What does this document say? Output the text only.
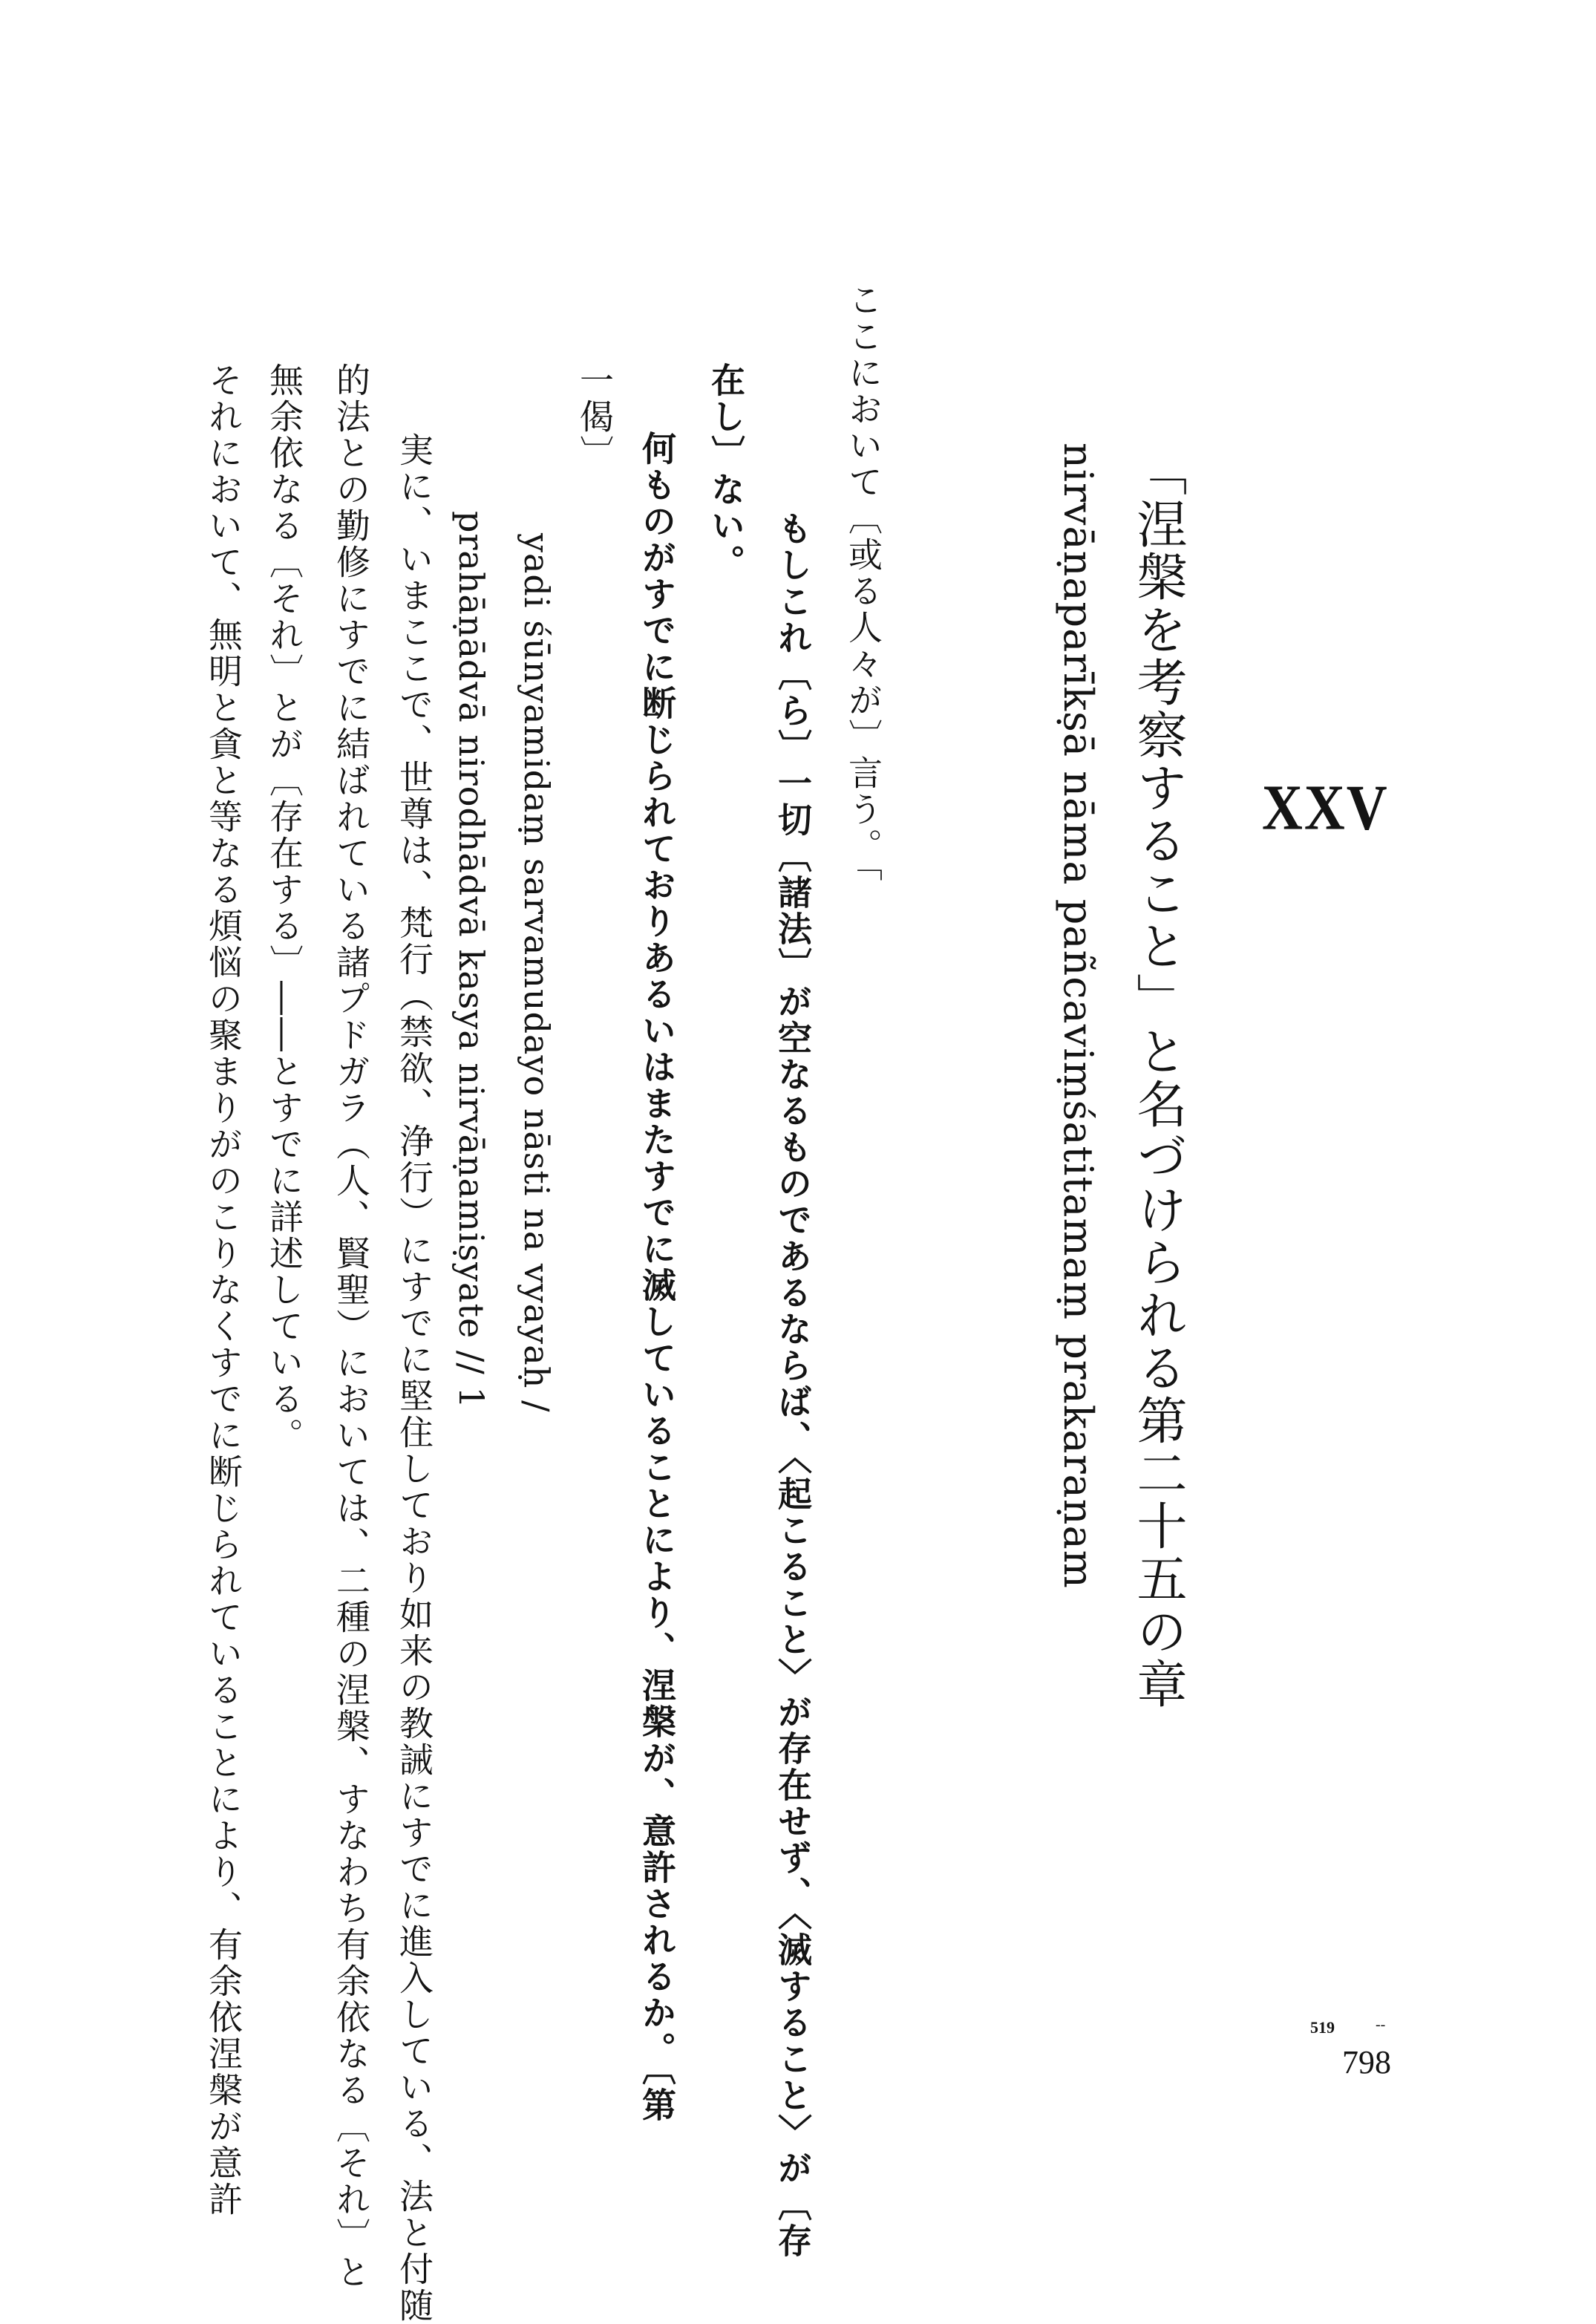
XXV
「涅槃を考察すること」と名づけられる第二十五の章
nirvāṇaparīkṣā nāma pañcaviṃśatitamaṃ prakaraṇam
ここにおいて〔或る人々が〕言う。「
もしこれ〔ら〕一切〔諸法〕が空なるものであるならば、〈起こること〉が存在せず、〈滅すること〉が〔存
在し〕ない。
何ものがすでに断じられておりあるいはまたすでに滅していることにより、涅槃が、意許されるか。〔第
一偈〕
yadi śūnyamidaṃ sarvamudayo nāsti na vyayaḥ /
prahāṇādvā nirodhādvā kasya nirvāṇamiṣyate // 1
実に、いまここで、世尊は、梵行（禁欲、浄行）にすでに堅住しており如来の教誡にすでに進入している、法と付随
的法との勤修にすでに結ばれている諸プドガラ（人、賢聖）においては、二種の涅槃、すなわち有余依なる〔それ〕と
無余依なる〔それ〕とが〔存在する〕――とすでに詳述している。
それにおいて、無明と貪と等なる煩悩の聚まりがのこりなくすでに断じられていることにより、有余依涅槃が意許	519	‐‐
798
